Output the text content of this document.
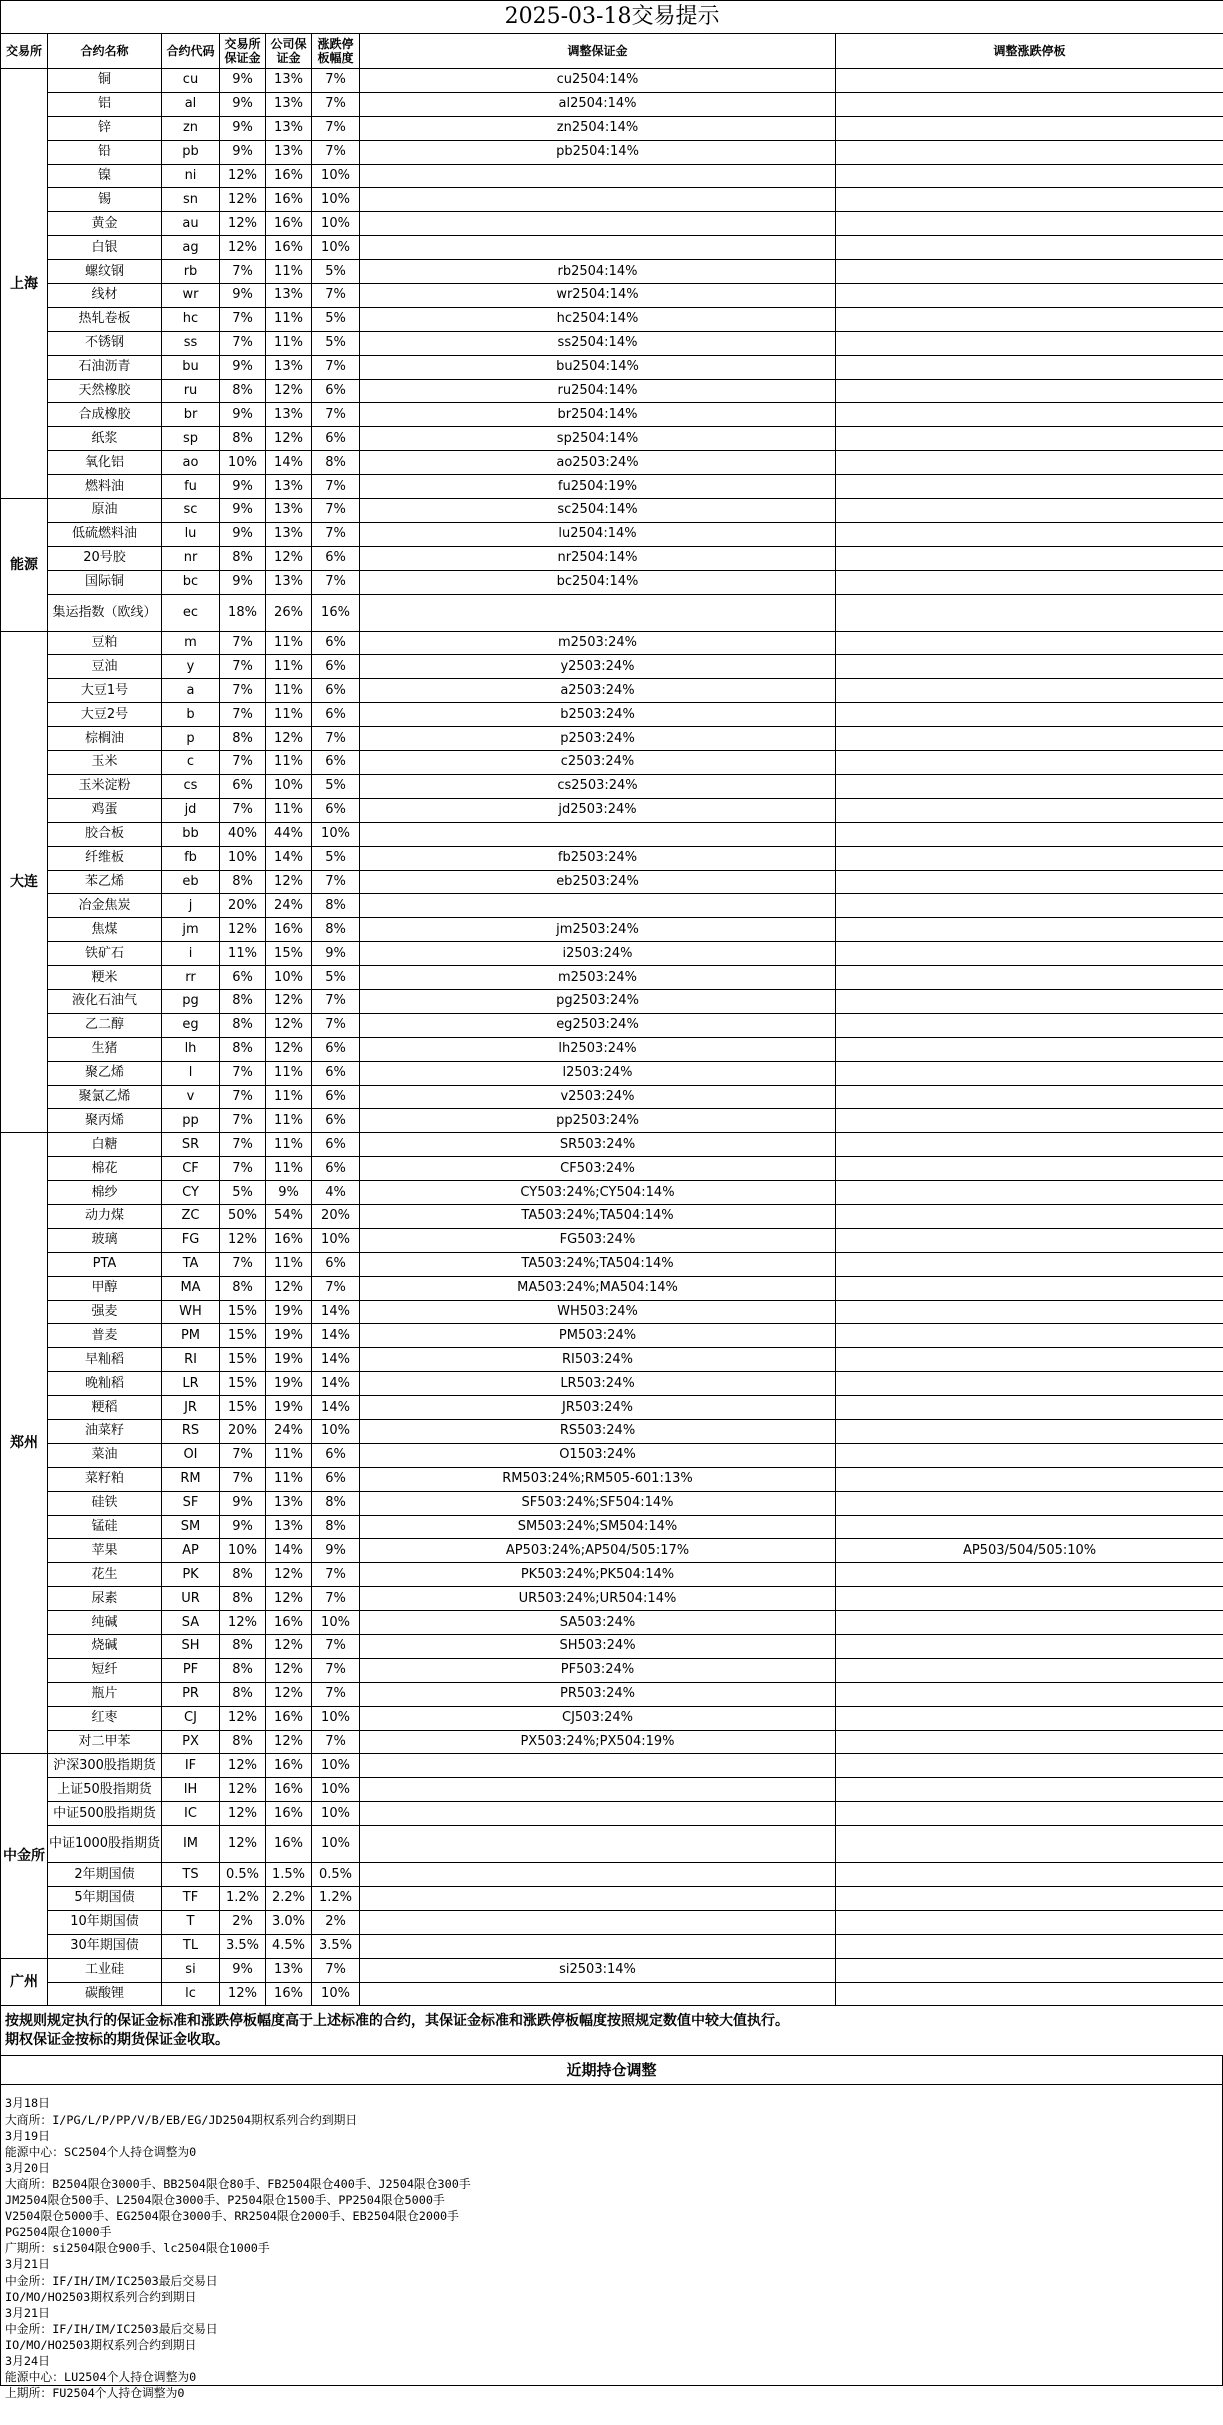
2025-03-18交易提示							
交易所	合约名称	合约代码	交易所保证金	公司保证金	涨跌停板幅度	调整保证金	调整涨跌停板
上海	铜	cu	9%	13%	7%	cu2504:14%	
	铝	al	9%	13%	7%	al2504:14%	
	锌	zn	9%	13%	7%	zn2504:14%	
	铅	pb	9%	13%	7%	pb2504:14%	
	镍	ni	12%	16%	10%		
	锡	sn	12%	16%	10%		
	黄金	au	12%	16%	10%		
	白银	ag	12%	16%	10%		
	螺纹钢	rb	7%	11%	5%	rb2504:14%	
	线材	wr	9%	13%	7%	wr2504:14%	
	热轧卷板	hc	7%	11%	5%	hc2504:14%	
	不锈钢	ss	7%	11%	5%	ss2504:14%	
	石油沥青	bu	9%	13%	7%	bu2504:14%	
	天然橡胶	ru	8%	12%	6%	ru2504:14%	
	合成橡胶	br	9%	13%	7%	br2504:14%	
	纸浆	sp	8%	12%	6%	sp2504:14%	
	氧化铝	ao	10%	14%	8%	ao2503:24%	
	燃料油	fu	9%	13%	7%	fu2504:19%	
能源	原油	sc	9%	13%	7%	sc2504:14%	
	低硫燃料油	lu	9%	13%	7%	lu2504:14%	
	20号胶	nr	8%	12%	6%	nr2504:14%	
	国际铜	bc	9%	13%	7%	bc2504:14%	
	集运指数（欧线）	ec	18%	26%	16%		
大连	豆粕	m	7%	11%	6%	m2503:24%	
	豆油	y	7%	11%	6%	y2503:24%	
	大豆1号	a	7%	11%	6%	a2503:24%	
	大豆2号	b	7%	11%	6%	b2503:24%	
	棕榈油	p	8%	12%	7%	p2503:24%	
	玉米	c	7%	11%	6%	c2503:24%	
	玉米淀粉	cs	6%	10%	5%	cs2503:24%	
	鸡蛋	jd	7%	11%	6%	jd2503:24%	
	胶合板	bb	40%	44%	10%		
	纤维板	fb	10%	14%	5%	fb2503:24%	
	苯乙烯	eb	8%	12%	7%	eb2503:24%	
	冶金焦炭	j	20%	24%	8%		
	焦煤	jm	12%	16%	8%	jm2503:24%	
	铁矿石	i	11%	15%	9%	i2503:24%	
	粳米	rr	6%	10%	5%	m2503:24%	
	液化石油气	pg	8%	12%	7%	pg2503:24%	
	乙二醇	eg	8%	12%	7%	eg2503:24%	
	生猪	lh	8%	12%	6%	lh2503:24%	
	聚乙烯	l	7%	11%	6%	l2503:24%	
	聚氯乙烯	v	7%	11%	6%	v2503:24%	
	聚丙烯	pp	7%	11%	6%	pp2503:24%	
郑州	白糖	SR	7%	11%	6%	SR503:24%	
	棉花	CF	7%	11%	6%	CF503:24%	
	棉纱	CY	5%	9%	4%	CY503:24%;CY504:14%	
	动力煤	ZC	50%	54%	20%	TA503:24%;TA504:14%	
	玻璃	FG	12%	16%	10%	FG503:24%	
	PTA	TA	7%	11%	6%	TA503:24%;TA504:14%	
	甲醇	MA	8%	12%	7%	MA503:24%;MA504:14%	
	强麦	WH	15%	19%	14%	WH503:24%	
	普麦	PM	15%	19%	14%	PM503:24%	
	早籼稻	RI	15%	19%	14%	RI503:24%	
	晚籼稻	LR	15%	19%	14%	LR503:24%	
	粳稻	JR	15%	19%	14%	JR503:24%	
	油菜籽	RS	20%	24%	10%	RS503:24%	
	菜油	OI	7%	11%	6%	O1503:24%	
	菜籽粕	RM	7%	11%	6%	RM503:24%;RM505-601:13%	
	硅铁	SF	9%	13%	8%	SF503:24%;SF504:14%	
	锰硅	SM	9%	13%	8%	SM503:24%;SM504:14%	
	苹果	AP	10%	14%	9%	AP503:24%;AP504/505:17%	AP503/504/505:10%
	花生	PK	8%	12%	7%	PK503:24%;PK504:14%	
	尿素	UR	8%	12%	7%	UR503:24%;UR504:14%	
	纯碱	SA	12%	16%	10%	SA503:24%	
	烧碱	SH	8%	12%	7%	SH503:24%	
	短纤	PF	8%	12%	7%	PF503:24%	
	瓶片	PR	8%	12%	7%	PR503:24%	
	红枣	CJ	12%	16%	10%	CJ503:24%	
	对二甲苯	PX	8%	12%	7%	PX503:24%;PX504:19%	
中金所	沪深300股指期货	IF	12%	16%	10%		
	上证50股指期货	IH	12%	16%	10%		
	中证500股指期货	IC	12%	16%	10%		
	中证1000股指期货	IM	12%	16%	10%		
	2年期国债	TS	0.5%	1.5%	0.5%		
	5年期国债	TF	1.2%	2.2%	1.2%		
	10年期国债	T	2%	3.0%	2%		
	30年期国债	TL	3.5%	4.5%	3.5%		
广州	工业硅	si	9%	13%	7%	si2503:14%	
	碳酸锂	lc	12%	16%	10%		
按规则规定执行的保证金标准和涨跌停板幅度高于上述标准的合约，其保证金标准和涨跌停板幅度按照规定数值中较大值执行。
期权保证金按标的期货保证金收取。
近期持仓调整
3月18日
大商所：I/PG/L/P/PP/V/B/EB/EG/JD2504期权系列合约到期日
3月19日
能源中心：SC2504个人持仓调整为0
3月20日
大商所：B2504限仓3000手、BB2504限仓80手、FB2504限仓400手、J2504限仓300手
JM2504限仓500手、L2504限仓3000手、P2504限仓1500手、PP2504限仓5000手
V2504限仓5000手、EG2504限仓3000手、RR2504限仓2000手、EB2504限仓2000手
PG2504限仓1000手
广期所：si2504限仓900手、lc2504限仓1000手
3月21日
中金所：IF/IH/IM/IC2503最后交易日
IO/MO/HO2503期权系列合约到期日
3月21日
中金所：IF/IH/IM/IC2503最后交易日
IO/MO/HO2503期权系列合约到期日
3月24日
能源中心：LU2504个人持仓调整为0
上期所：FU2504个人持仓调整为0
